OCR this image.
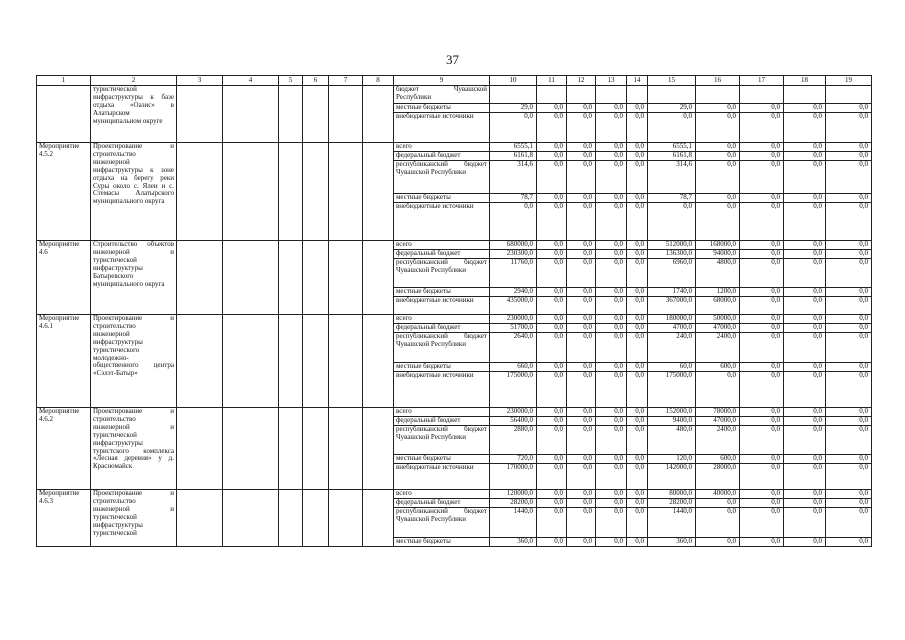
37
1	2	3	4	5	6	7	8	9	10	11	12	13	14	15	16	17	18	19
	туристической инфраструктуры к базе отдыха «Оазис» в Алатырском муниципальном округе							бюджет Чувашской Республики										
								местные бюджеты	29,0	0,0	0,0	0,0	0,0	29,0	0,0	0,0	0,0	0,0
								внебюджетные источники	0,0	0,0	0,0	0,0	0,0	0,0	0,0	0,0	0,0	0,0
Мероприятие 4.5.2	Проектирование и строительство инженерной инфраструктуры к зоне отдыха на берегу реки Суры около с. Ялеи и с. Стемасы Алатырского муниципального округа							всего	6555,1	0,0	0,0	0,0	0,0	6555,1	0,0	0,0	0,0	0,0
								федеральный бюджет	6161,8	0,0	0,0	0,0	0,0	6161,8	0,0	0,0	0,0	0,0
								республиканский бюджет Чувашской Республики	314,6	0,0	0,0	0,0	0,0	314,6	0,0	0,0	0,0	0,0
								местные бюджеты	78,7	0,0	0,0	0,0	0,0	78,7	0,0	0,0	0,0	0,0
								внебюджетные источники	0,0	0,0	0,0	0,0	0,0	0,0	0,0	0,0	0,0	0,0
Мероприятие 4.6	Строительство объектов инженерной и туристической инфраструктуры Батыревского муниципального округа							всего	680000,0	0,0	0,0	0,0	0,0	512000,0	168000,0	0,0	0,0	0,0
								федеральный бюджет	230300,0	0,0	0,0	0,0	0,0	136300,0	94000,0	0,0	0,0	0,0
								республиканский бюджет Чувашской Республики	11760,0	0,0	0,0	0,0	0,0	6960,0	4800,0	0,0	0,0	0,0
								местные бюджеты	2940,0	0,0	0,0	0,0	0,0	1740,0	1200,0	0,0	0,0	0,0
								внебюджетные источники	435000,0	0,0	0,0	0,0	0,0	367000,0	68000,0	0,0	0,0	0,0
Мероприятие 4.6.1	Проектирование и строительство инженерной инфраструктуры туристического молодежно-общественного центра «Сэлэт-Батыр»							всего	230000,0	0,0	0,0	0,0	0,0	180000,0	50000,0	0,0	0,0	0,0
								федеральный бюджет	51700,0	0,0	0,0	0,0	0,0	4700,0	47000,0	0,0	0,0	0,0
								республиканский бюджет Чувашской Республики	2640,0	0,0	0,0	0,0	0,0	240,0	2400,0	0,0	0,0	0,0
								местные бюджеты	660,0	0,0	0,0	0,0	0,0	60,0	600,0	0,0	0,0	0,0
								внебюджетные источники	175000,0	0,0	0,0	0,0	0,0	175000,0	0,0	0,0	0,0	0,0
Мероприятие 4.6.2	Проектирование и строительство инженерной и туристической инфраструктуры туристского комплекса «Лесная деревня» у д. Красномайск							всего	230000,0	0,0	0,0	0,0	0,0	152000,0	78000,0	0,0	0,0	0,0
								федеральный бюджет	56400,0	0,0	0,0	0,0	0,0	9400,0	47000,0	0,0	0,0	0,0
								республиканский бюджет Чувашской Республики	2880,0	0,0	0,0	0,0	0,0	480,0	2400,0	0,0	0,0	0,0
								местные бюджеты	720,0	0,0	0,0	0,0	0,0	120,0	600,0	0,0	0,0	0,0
								внебюджетные источники	170000,0	0,0	0,0	0,0	0,0	142000,0	28000,0	0,0	0,0	0,0
Мероприятие 4.6.3	Проектирование и строительство инженерной и туристической инфраструктуры туристической							всего	120000,0	0,0	0,0	0,0	0,0	80000,0	40000,0	0,0	0,0	0,0
								федеральный бюджет	28200,0	0,0	0,0	0,0	0,0	28200,0	0,0	0,0	0,0	0,0
								республиканский бюджет Чувашской Республики	1440,0	0,0	0,0	0,0	0,0	1440,0	0,0	0,0	0,0	0,0
								местные бюджеты	360,0	0,0	0,0	0,0	0,0	360,0	0,0	0,0	0,0	0,0
